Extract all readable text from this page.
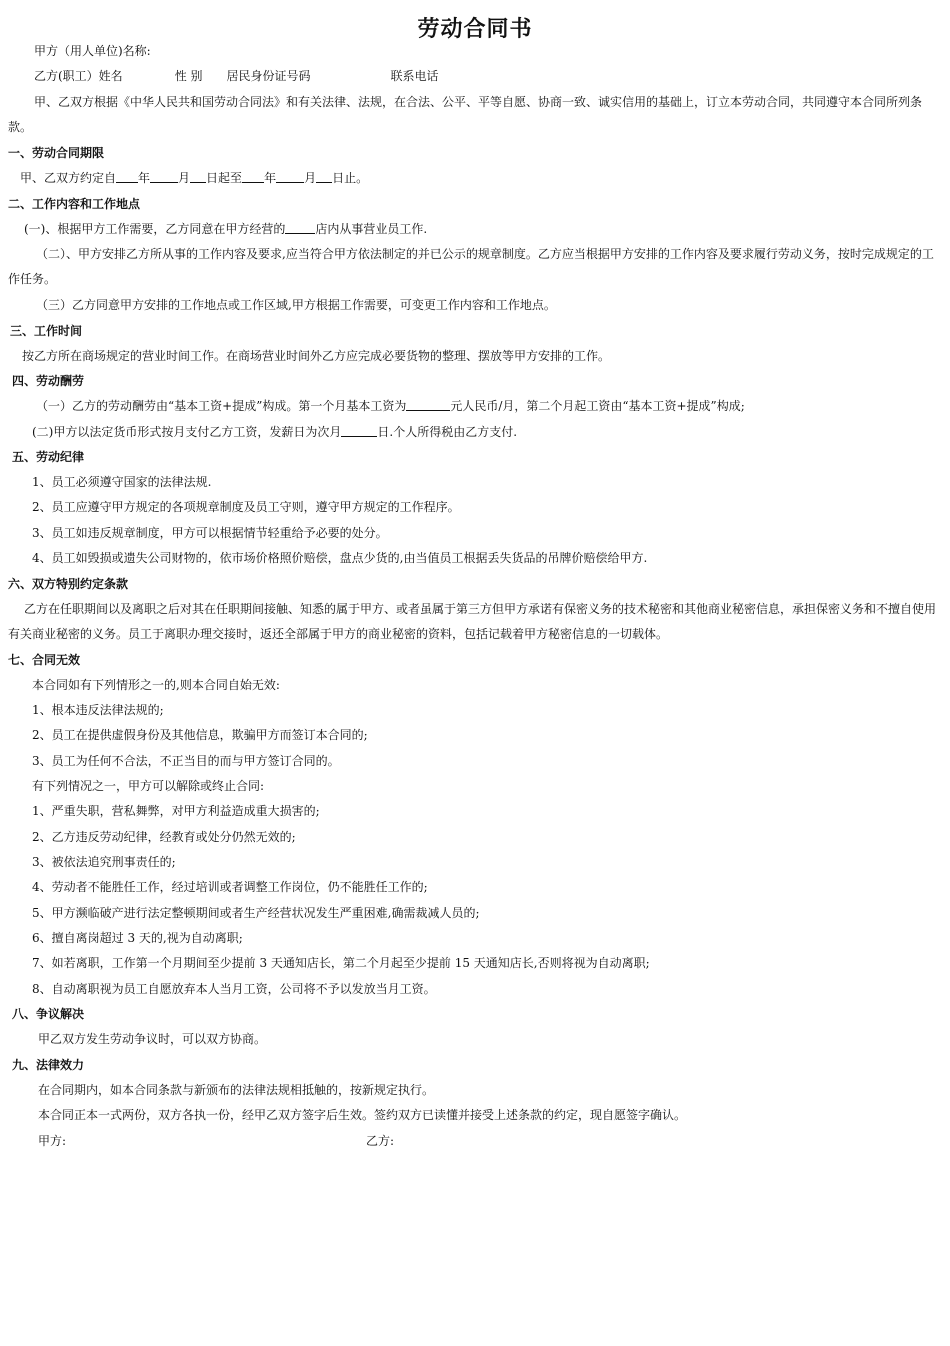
劳动合同书
甲方（用人单位)名称:
乙方(职工）姓名	性 别 居民身份证号码	联系电话
甲、乙双方根据《中华人民共和国劳动合同法》和有关法律、法规，在合法、公平、平等自愿、协商一致、诚实信用的基础上，订立本劳动合同，共同遵守本合同所列条款。
一、劳动合同期限
甲、乙双方约定自 年 月 日起至 年 月 日止。
二、工作内容和工作地点
(一)、根据甲方工作需要，乙方同意在甲方经营的	店内从事营业员工作.
（二）、甲方安排乙方所从事的工作内容及要求,应当符合甲方依法制定的并已公示的规章制度。乙方应当根据甲方安排的工作内容及要求履行劳动义务，按时完成规定的工作任务。
（三）乙方同意甲方安排的工作地点或工作区域,甲方根据工作需要，可变更工作内容和工作地点。
三、工作时间
按乙方所在商场规定的营业时间工作。在商场营业时间外乙方应完成必要货物的整理、摆放等甲方安排的工作。
四、劳动酬劳
（一）乙方的劳动酬劳由“基本工资+提成”构成。第一个月基本工资为	元人民币/月，第二个月起工资由“基本工资+提成”构成;
(二)甲方以法定货币形式按月支付乙方工资，发薪日为次月	日.个人所得税由乙方支付.
五、劳动纪律
1、员工必须遵守国家的法律法规.
2、员工应遵守甲方规定的各项规章制度及员工守则，遵守甲方规定的工作程序。
3、员工如违反规章制度，甲方可以根据情节轻重给予必要的处分。
4、员工如毁损或遗失公司财物的，依市场价格照价赔偿，盘点少货的,由当值员工根据丢失货品的吊牌价赔偿给甲方.
六、双方特别约定条款
乙方在任职期间以及离职之后对其在任职期间接触、知悉的属于甲方、或者虽属于第三方但甲方承诺有保密义务的技术秘密和其他商业秘密信息，承担保密义务和不擅自使用有关商业秘密的义务。员工于离职办理交接时，返还全部属于甲方的商业秘密的资料，包括记载着甲方秘密信息的一切载体。
七、合同无效
本合同如有下列情形之一的,则本合同自始无效:
1、根本违反法律法规的;
2、员工在提供虚假身份及其他信息，欺骗甲方而签订本合同的;
3、员工为任何不合法，不正当目的而与甲方签订合同的。
有下列情况之一，甲方可以解除或终止合同:
1、严重失职，营私舞弊，对甲方利益造成重大损害的;
2、乙方违反劳动纪律，经教育或处分仍然无效的;
3、被依法追究刑事责任的;
4、劳动者不能胜任工作，经过培训或者调整工作岗位，仍不能胜任工作的;
5、甲方濒临破产进行法定整顿期间或者生产经营状况发生严重困难,确需裁减人员的;
6、擅自离岗超过 3 天的,视为自动离职;
7、如若离职，工作第一个月期间至少提前 3 天通知店长，第二个月起至少提前 15 天通知店长,否则将视为自动离职;
8、自动离职视为员工自愿放弃本人当月工资，公司将不予以发放当月工资。
八、争议解决
甲乙双方发生劳动争议时，可以双方协商。
九、法律效力
在合同期内，如本合同条款与新颁布的法律法规相抵触的，按新规定执行。
本合同正本一式两份，双方各执一份，经甲乙双方签字后生效。签约双方已读懂并接受上述条款的约定，现自愿签字确认。
甲方:	乙方:
